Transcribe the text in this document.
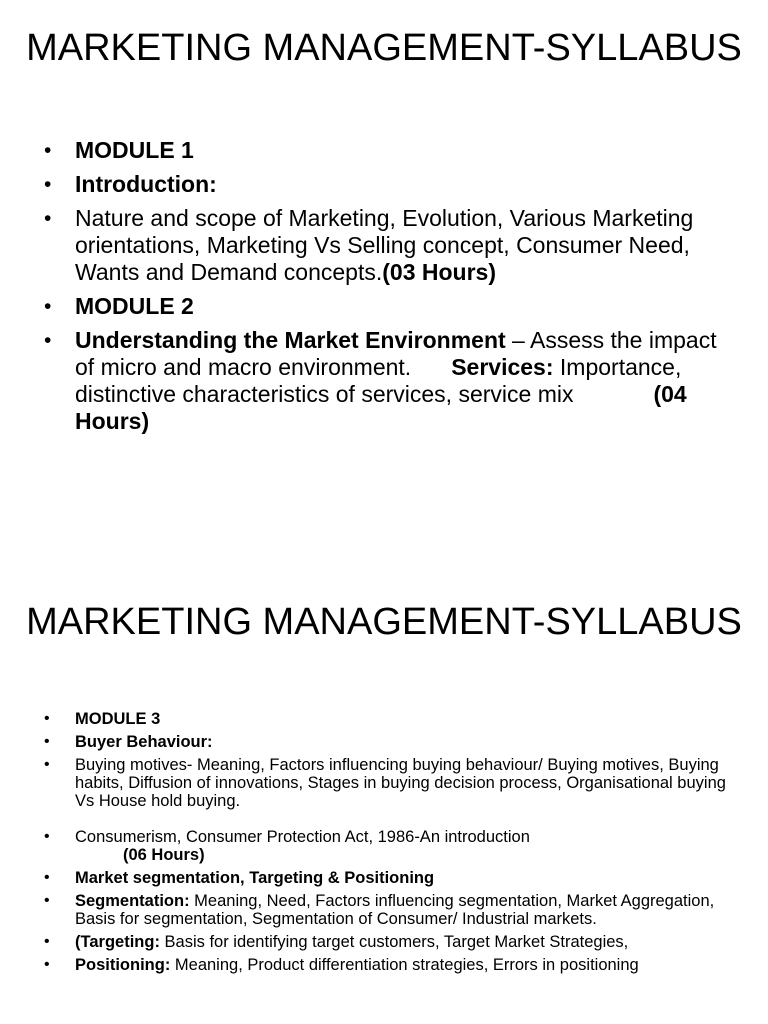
MARKETING MANAGEMENT-SYLLABUS
• MODULE 1
• Introduction:
• Nature and scope of Marketing, Evolution, Various Marketing orientations, Marketing Vs Selling concept, Consumer Need, Wants and Demand concepts.(03 Hours)
• MODULE 2
• Understanding the Market Environment – Assess the impact of micro and macro environment. Services: Importance, distinctive characteristics of services, service mix	(04 Hours)
MARKETING MANAGEMENT-SYLLABUS
• MODULE 3
• Buyer Behaviour:
• Buying motives- Meaning, Factors influencing buying behaviour/ Buying motives, Buying habits, Diffusion of innovations, Stages in buying decision process, Organisational buying Vs House hold buying.
• Consumerism, Consumer Protection Act, 1986-An introduction
(06 Hours)
• Market segmentation, Targeting & Positioning
• Segmentation: Meaning, Need, Factors influencing segmentation, Market Aggregation, Basis for segmentation, Segmentation of Consumer/ Industrial markets.
• (Targeting: Basis for identifying target customers, Target Market Strategies,
• Positioning: Meaning, Product differentiation strategies, Errors in positioning
